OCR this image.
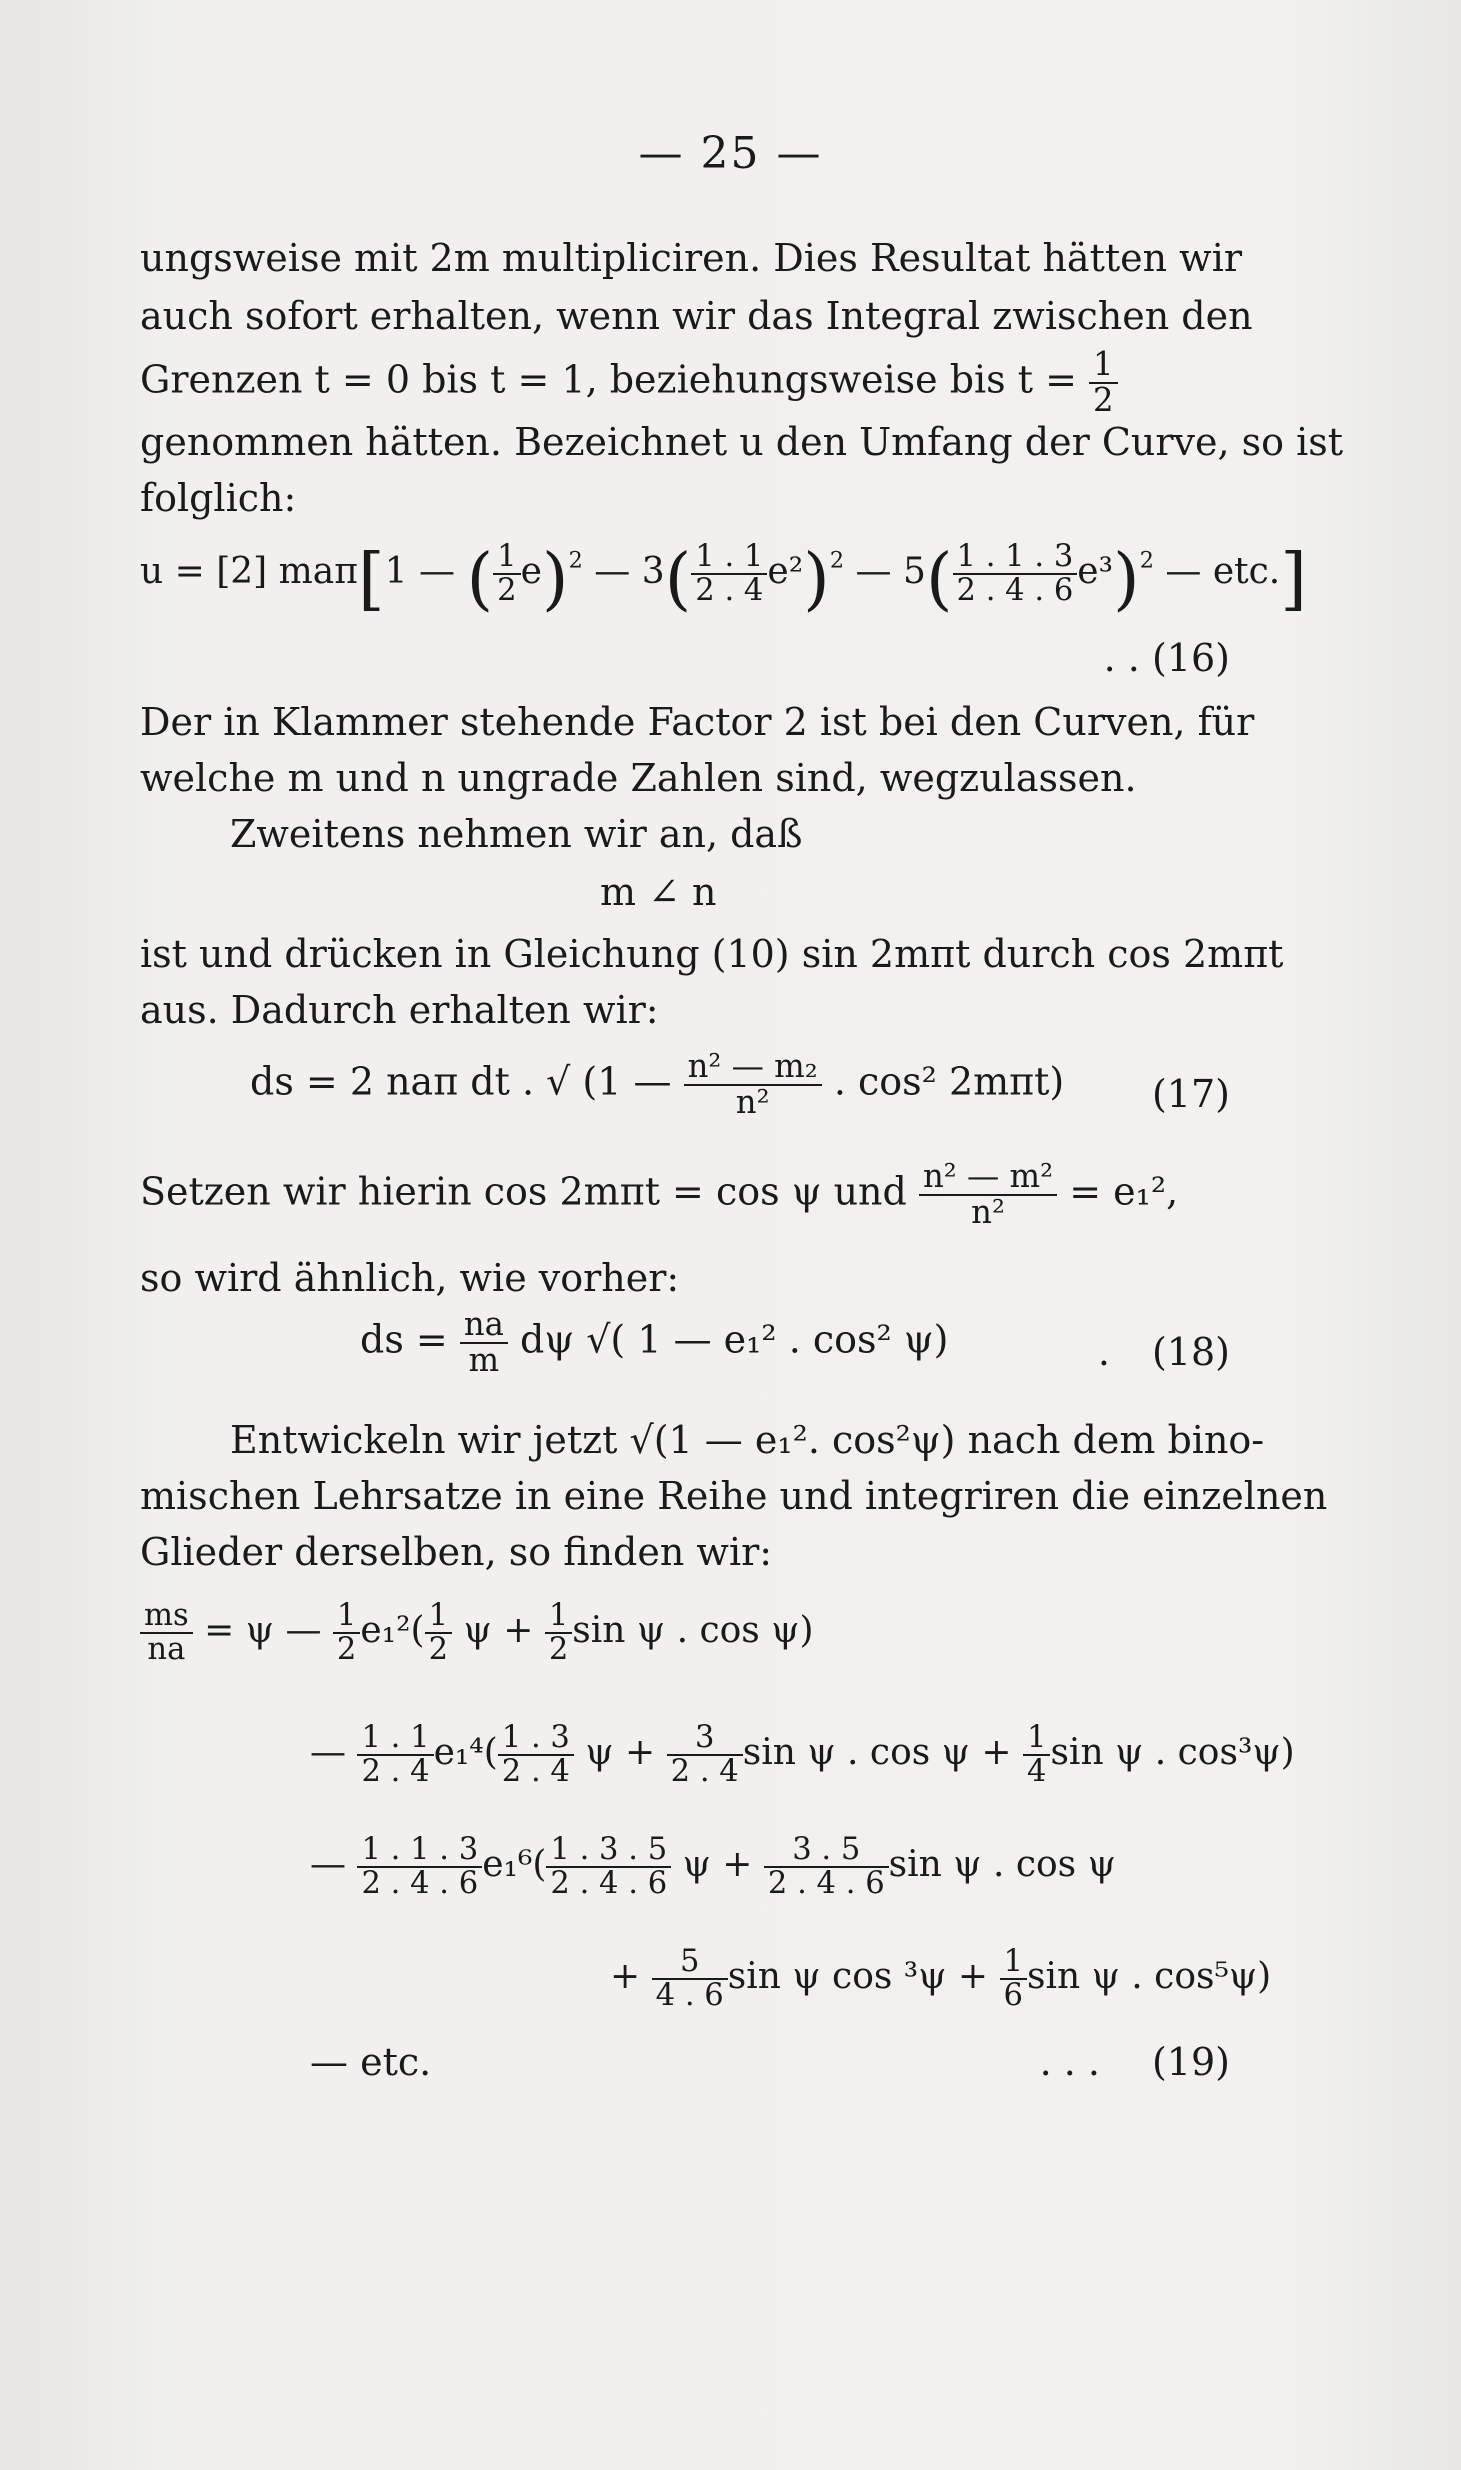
— 25 —
ungsweise mit 2m multipliciren. Dies Resultat hätten wir
auch sofort erhalten, wenn wir das Integral zwischen den
Grenzen t = 0 bis t = 1, beziehungsweise bis $t = \frac{1}{2}$
genommen hätten. Bezeichnet u den Umfang der Curve, so ist
folglich:
u = [2] maπ[1 — ( $\frac{1}{2} e)^2$ — $3( \frac{1 . 1}{2 . 4} e^2)^2$ — $5( \frac{1 . 1 . 3}{2 . 4 . 6} e^3)^2$ — etc.]
. . (16)
Der in Klammer stehende Factor 2 ist bei den Curven, für
welche m und n ungrade Zahlen sind, wegzulassen.
Zweitens nehmen wir an, daß
m ∠ n
ist und drücken in Gleichung (10) sin 2mπt durch cos 2mπt
aus. Dadurch erhalten wir:
ds = 2 naπ dt . √ (1 — $\frac{\text{n² — m₂}}{\text{n²}}$ . cos² 2mπt) (17)
Setzen wir hierin cos 2mπt = cos ψ und $\frac{\text{n² — m²}}{\text{n²}} = e_1^2$,
so wird ähnlich, wie vorher:
ds = $\frac{na}{m}$ dψ √( 1 — e₁² . cos² ψ)	. (18)
Entwickeln wir jetzt √(1 — e₁². cos²ψ) nach dem bino-
mischen Lehrsatze in eine Reihe und integriren die einzelnen
Glieder derselben, so finden wir:
$\frac{ms}{na} = \psi$ — $\frac{1}{2} e_1^2( \frac{1}{2}$ $\psi + \frac{1}{2}$ sin ψ . cos ψ)
— $\frac{1 . 1}{2 . 4} e_1^4( \frac{1 . 3}{2 . 4}$ $\psi + \frac{3}{2 . 4}$ sin ψ . $\cos \psi + \frac{1}{4}$ sin ψ . cos³ψ)
— $\frac{1 . 1 . 3}{2 . 4 . 6} e_1^6( \frac{1 . 3 . 5}{2 . 4 . 6}$ $\psi + \frac{3 . 5}{2 . 4 . 6}$ sin ψ . cos ψ
+ $\frac{5}{4 . 6}$ sin ψ $\cos ^3\psi + \frac{1}{6}$ sin ψ . cos⁵ψ)
— etc.	. . . (19)
